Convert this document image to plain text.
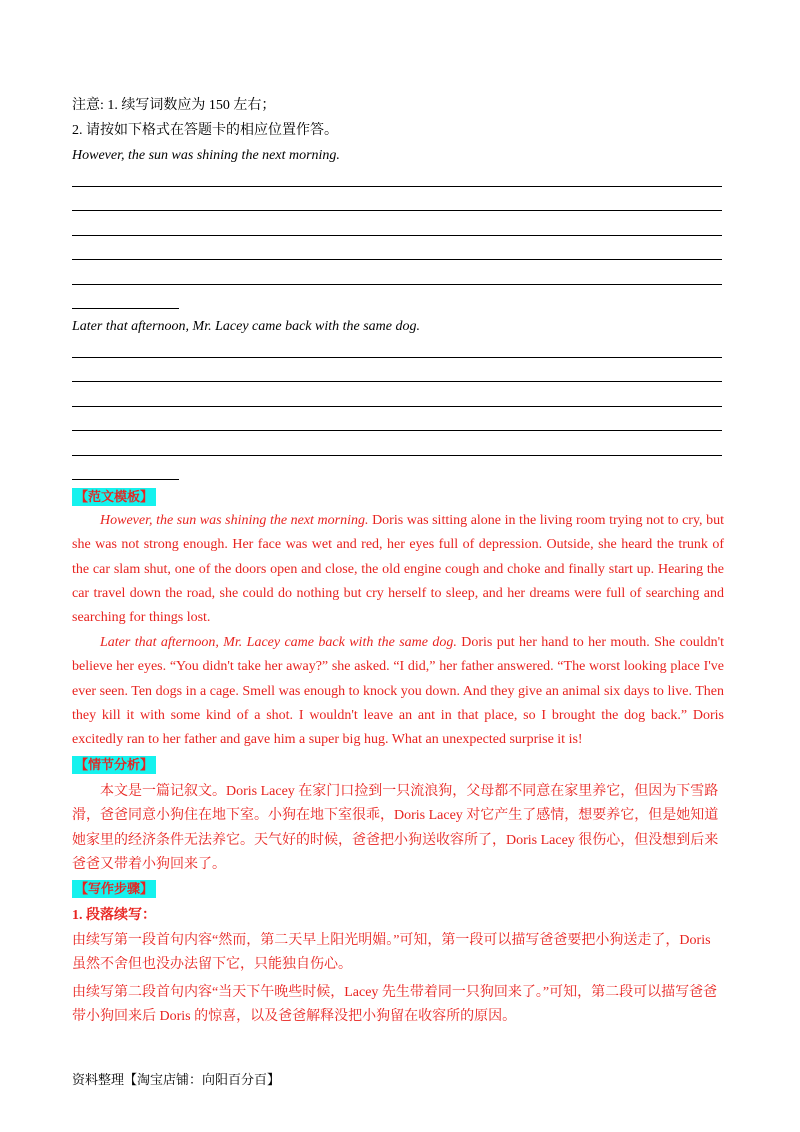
注意: 1. 续写词数应为 150 左右；
2. 请按如下格式在答题卡的相应位置作答。
However, the sun was shining the next morning.
Later that afternoon, Mr. Lacey came back with the same dog.
【范文模板】
However, the sun was shining the next morning. Doris was sitting alone in the living room trying not to cry, but she was not strong enough. Her face was wet and red, her eyes full of depression. Outside, she heard the trunk of the car slam shut, one of the doors open and close, the old engine cough and choke and finally start up. Hearing the car travel down the road, she could do nothing but cry herself to sleep, and her dreams were full of searching and searching for things lost.
Later that afternoon, Mr. Lacey came back with the same dog. Doris put her hand to her mouth. She couldn't believe her eyes. “You didn't take her away?” she asked. “I did,” her father answered. “The worst looking place I've ever seen. Ten dogs in a cage. Smell was enough to knock you down. And they give an animal six days to live. Then they kill it with some kind of a shot. I wouldn't leave an ant in that place, so I brought the dog back.” Doris excitedly ran to her father and gave him a super big hug. What an unexpected surprise it is!
【情节分析】
本文是一篇记叙文。Doris Lacey 在家门口捡到一只流浪狗，父母都不同意在家里养它，但因为下雪路滑，爸爸同意小狗住在地下室。小狗在地下室很乖，Doris Lacey 对它产生了感情，想要养它，但是她知道她家里的经济条件无法养它。天气好的时候，爸爸把小狗送收容所了，Doris Lacey 很伤心，但没想到后来爸爸又带着小狗回来了。
【写作步骤】
1. 段落续写：
由续写第一段首句内容“然而，第二天早上阳光明媚。”可知，第一段可以描写爸爸要把小狗送走了，Doris 虽然不舍但也没办法留下它，只能独自伤心。
由续写第二段首句内容“当天下午晚些时候，Lacey 先生带着同一只狗回来了。”可知，第二段可以描写爸爸带小狗回来后 Doris 的惊喜，以及爸爸解释没把小狗留在收容所的原因。
资料整理【淘宝店铺：向阳百分百】
